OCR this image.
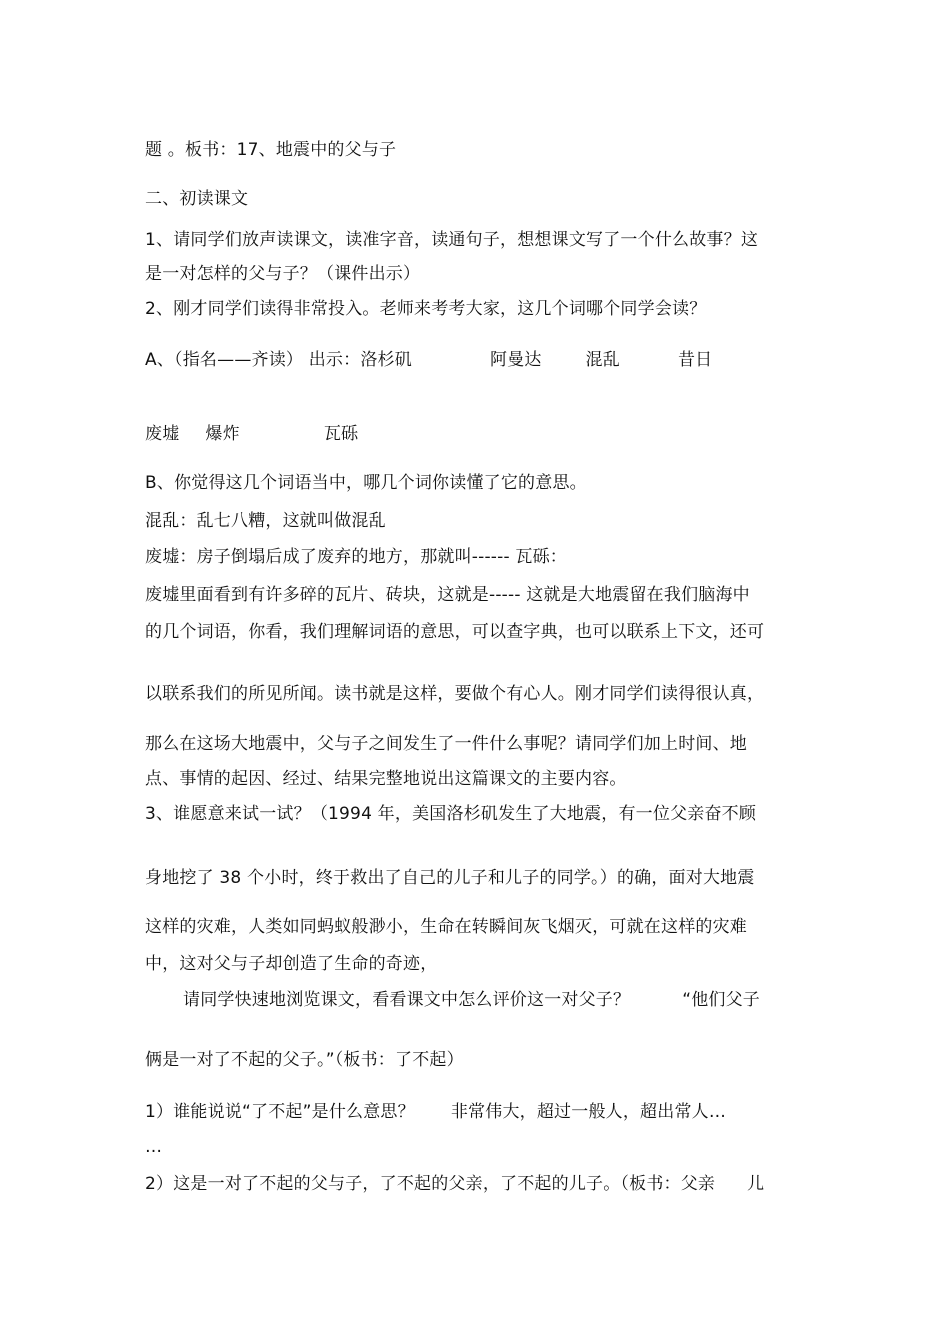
题 。板书：17、地震中的父与子
二、初读课文
1、请同学们放声读课文，读准字音，读通句子，想想课文写了一个什么故事？这
是一对怎样的父与子？（课件出示）
2、刚才同学们读得非常投入。老师来考考大家，这几个词哪个同学会读？
A、（指名——齐读） 出示：洛杉矶	阿曼达	混乱	昔日
废墟 爆炸	瓦砾
B、你觉得这几个词语当中，哪几个词你读懂了它的意思。
混乱：乱七八糟，这就叫做混乱
废墟：房子倒塌后成了废弃的地方，那就叫------ 瓦砾：
废墟里面看到有许多碎的瓦片、砖块，这就是----- 这就是大地震留在我们脑海中
的几个词语，你看，我们理解词语的意思，可以查字典，也可以联系上下文，还可
以联系我们的所见所闻。读书就是这样，要做个有心人。刚才同学们读得很认真，
那么在这场大地震中，父与子之间发生了一件什么事呢？请同学们加上时间、地
点、事情的起因、经过、结果完整地说出这篇课文的主要内容。
3、谁愿意来试一试？（1994 年，美国洛杉矶发生了大地震，有一位父亲奋不顾
身地挖了 38 个小时，终于救出了自己的儿子和儿子的同学。）的确，面对大地震
这样的灾难，人类如同蚂蚁般渺小，生命在转瞬间灰飞烟灭，可就在这样的灾难
中，这对父与子却创造了生命的奇迹，
请同学快速地浏览课文，看看课文中怎么评价这一对父子？	“他们父子
俩是一对了不起的父子。”（板书：了不起）
1）谁能说说“了不起”是什么意思？ 非常伟大，超过一般人，超出常人…
…
2）这是一对了不起的父与子，了不起的父亲，了不起的儿子。（板书：父亲 儿
